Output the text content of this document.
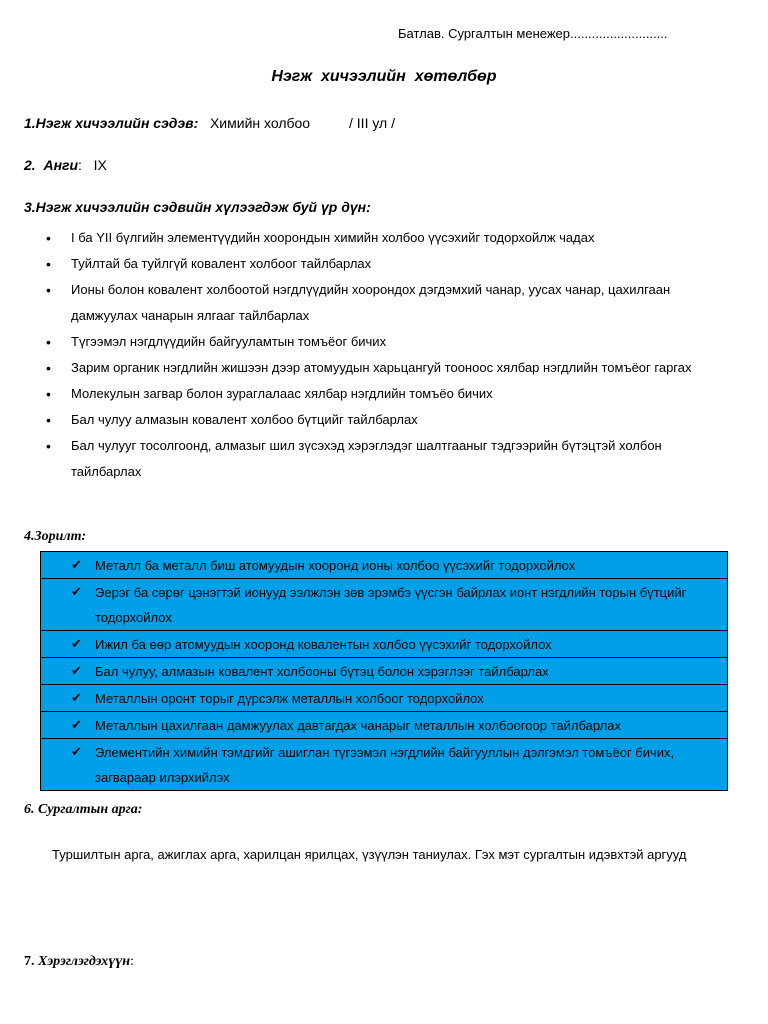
Батлав. Сургалтын менежер...........................
Нэгж  хичээлийн  хөтөлбөр
1.Нэгж хичээлийн сэдэв: Химийн холбоо	/ III ул /
2.  Анги: IX
3.Нэгж хичээлийн сэдвийн хүлээгдэж буй үр дүн:
• I ба YII бүлгийн элементүүдийн хоорондын химийн холбоо үүсэхийг тодорхойлж чадах
• Туйлтай ба туйлгүй ковалент холбоог тайлбарлах
• Ионы болон ковалент холбоотой нэгдлүүдийн хоорондох дэгдэмхий чанар, уусах чанар, цахилгаан дамжуулах чанарын ялгааг тайлбарлах
• Түгээмэл нэгдлүүдийн байгууламтын томъёог бичих
• Зарим органик нэгдлийн жишээн дээр атомуудын харьцангуй тооноос хялбар нэгдлийн томъёог гаргах
• Молекулын загвар болон зураглалаас хялбар нэгдлийн томъёо бичих
• Бал чулуу алмазын ковалент холбоо бүтцийг тайлбарлах
• Бал чулууг тосолгоонд, алмазыг шил зүсэхэд хэрэглэдэг шалтгааныг тэдгээрийн бүтэцтэй холбон тайлбарлах
4.Зорилт:
✔	Металл ба металл биш атомуудын хооронд ионы холбоо үүсэхийг тодорхойлох

✔	Эерэг ба сөрөг цэнэгтэй ионууд ээлжлэн зөв эрэмбэ үүсгэн байрлах ионт нэгдлийн торын бүтцийг тодорхойлох

✔	Ижил ба өөр атомуудын хооронд ковалентын холбоо үүсэхийг тодорхойлох

✔	Бал чулуу, алмазын ковалент холбооны бүтэц болон хэрэглээг тайлбарлах

✔	Металлын оронт торыг дүрсэлж металлын холбоог тодорхойлох

✔	Металлын цахилгаан дамжуулах давтагдах чанарыг металлын холбоогоор тайлбарлах

✔	Элементийн химийн тэмдгийг ашиглан түгээмэл нэгдлийн байгууллын дэлгэмэл томъёог бичих, загвараар илэрхийлэх
6. Сургалтын арга:
Туршилтын арга, ажиглах арга, харилцан ярилцах, үзүүлэн таниулах. Гэх мэт сургалтын идэвхтэй аргууд
7. Хэрэглэгдэхүүн:
